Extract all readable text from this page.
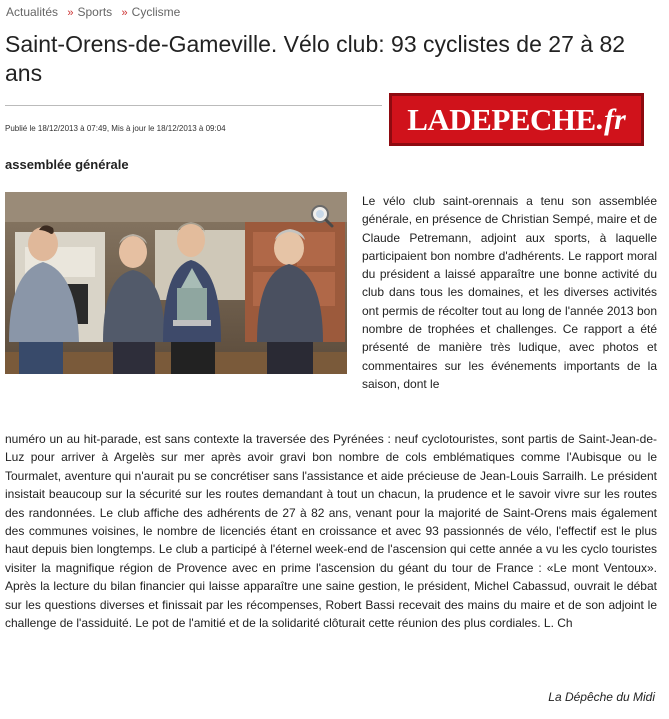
Actualités » Sports » Cyclisme
Saint-Orens-de-Gameville. Vélo club: 93 cyclistes de 27 à 82 ans
Publié le 18/12/2013 à 07:49, Mis à jour le 18/12/2013 à 09:04	LADEPECHE .fr
assemblée générale

Le vélo club saint-orennais a tenu son assemblée générale, en présence de Christian Sempé, maire et de Claude Petremann, adjoint aux sports, à laquelle participaient bon nombre d'adhérents. Le rapport moral du président a laissé apparaître une bonne activité du club dans tous les domaines, et les diverses activités ont permis de récolter tout au long de l'année 2013 bon nombre de trophées et challenges. Ce rapport a été présenté de manière très ludique, avec photos et commentaires sur les événements importants de la saison, dont le

numéro un au hit-parade, est sans contexte la traversée des Pyrénées : neuf cyclotouristes, sont partis de Saint-Jean-de-Luz pour arriver à Argelès sur mer après avoir gravi bon nombre de cols emblématiques comme l'Aubisque ou le Tourmalet, aventure qui n'aurait pu se concrétiser sans l'assistance et aide précieuse de Jean-Louis Sarrailh. Le président insistait beaucoup sur la sécurité sur les routes demandant à tout un chacun, la prudence et le savoir vivre sur les routes des randonnées. Le club affiche des adhérents de 27 à 82 ans, venant pour la majorité de Saint-Orens mais également des communes voisines, le nombre de licenciés étant en croissance et avec 93 passionnés de vélo, l'effectif est le plus haut depuis bien longtemps. Le club a participé à l'éternel week-end de l'ascension qui cette année a vu les cyclo touristes visiter la magnifique région de Provence avec en prime l'ascension du géant du tour de France : «Le mont Ventoux». Après la lecture du bilan financier qui laisse apparaître une saine gestion, le président, Michel Cabassud, ouvrait le débat sur les questions diverses et finissait par les récompenses, Robert Bassi recevait des mains du maire et de son adjoint le challenge de l'assiduité. Le pot de l'amitié et de la solidarité clôturait cette réunion des plus cordiales. L. Ch

La Dépêche du Midi
